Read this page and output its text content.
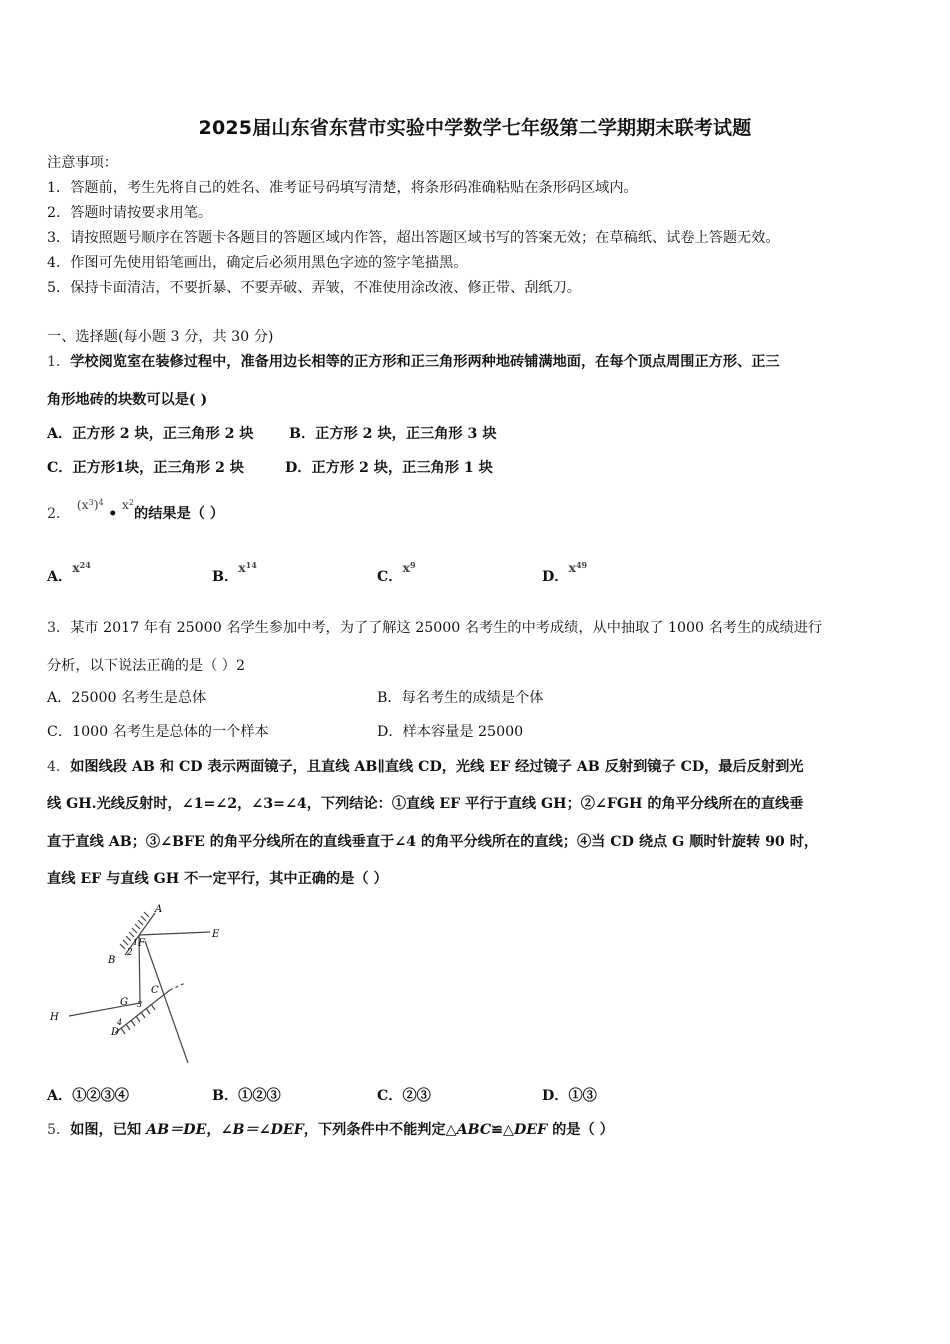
2025届山东省东营市实验中学数学七年级第二学期期末联考试题
注意事项：
1．答题前，考生先将自己的姓名、准考证号码填写清楚，将条形码准确粘贴在条形码区域内。
2．答题时请按要求用笔。
3．请按照题号顺序在答题卡各题目的答题区域内作答，超出答题区域书写的答案无效；在草稿纸、试卷上答题无效。
4．作图可先使用铅笔画出，确定后必须用黑色字迹的签字笔描黑。
5．保持卡面清洁，不要折暴、不要弄破、弄皱，不准使用涂改液、修正带、刮纸刀。
一、选择题(每小题 3 分，共 30 分)
1．学校阅览室在装修过程中，准备用边长相等的正方形和正三角形两种地砖铺满地面，在每个顶点周围正方形、正三
角形地砖的块数可以是( )
A．正方形 2 块，正三角形 2 块 B．正方形 2 块，正三角形 3 块
C．正方形1块，正三角形 2 块	D．正方形 2 块，正三角形 1 块
2． $(x^3)^4$ • $x^2$的结果是（ ）
A．$x^{24}$
B．$x^{14}$
C．$x^9$
D．$x^{49}$
3．某市 2017 年有 25000 名学生参加中考，为了了解这 25000 名考生的中考成绩，从中抽取了 1000 名考生的成绩进行
分析，以下说法正确的是（ ）2
A．25000 名考生是总体	B．每名考生的成绩是个体
C．1000 名考生是总体的一个样本	D．样本容量是 25000
4．如图线段 AB 和 CD 表示两面镜子，且直线 AB∥直线 CD，光线 EF 经过镜子 AB 反射到镜子 CD，最后反射到光
线 GH.光线反射时，∠1=∠2，∠3=∠4，下列结论：①直线 EF 平行于直线 GH；②∠FGH 的角平分线所在的直线垂
直于直线 AB；③∠BFE 的角平分线所在的直线垂直于∠4 的角平分线所在的直线；④当 CD 绕点 G 顺时针旋转 90 时，
直线 EF 与直线 GH 不一定平行，其中正确的是（ ）
A
E
F
B
1
2
G
C
H
3
4
D
A．①②③④	B．①②③	C．②③	D．①③
5．如图，已知 AB＝DE，∠B＝∠DEF，下列条件中不能判定△ABC≌△DEF 的是（ ）
